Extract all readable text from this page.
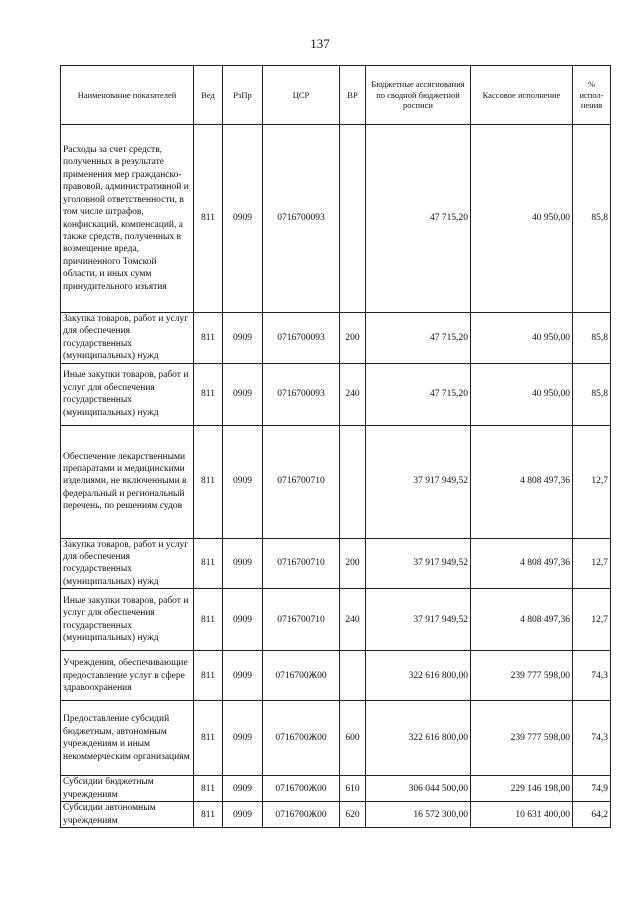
137
Наименование показателей	Вед	РзПр	ЦСР	ВР	Бюджетные ассигнования по сводной бюджетной росписи	Кассовое исполнение	% испол-нения
Расходы за счет средств, полученных в результате применения мер гражданско-правовой, административной и уголовной ответственности, в том числе штрафов, конфискаций, компенсаций, а также средств, полученных в возмещение вреда, причиненного Томской области, и иных сумм принудительного изъятия	811	0909	0716700093		47 715,20	40 950,00	85,8
Закупка товаров, работ и услуг для обеспечения государственных (муниципальных) нужд	811	0909	0716700093	200	47 715,20	40 950,00	85,8
Иные закупки товаров, работ и услуг для обеспечения государственных (муниципальных) нужд	811	0909	0716700093	240	47 715,20	40 950,00	85,8
Обеспечение лекарственными препаратами и медицинскими изделиями, не включенными в федеральный и региональный перечень, по решениям судов	811	0909	0716700710		37 917 949,52	4 808 497,36	12,7
Закупка товаров, работ и услуг для обеспечения государственных (муниципальных) нужд	811	0909	0716700710	200	37 917 949,52	4 808 497,36	12,7
Иные закупки товаров, работ и услуг для обеспечения государственных (муниципальных) нужд	811	0909	0716700710	240	37 917 949,52	4 808 497,36	12,7
Учреждения, обеспечивающие предоставление услуг в сфере здравоохранения	811	0909	0716700Ж00		322 616 800,00	239 777 598,00	74,3
Предоставление субсидий бюджетным, автономным учреждениям и иным некоммерческим организациям	811	0909	0716700Ж00	600	322 616 800,00	239 777 598,00	74,3
Субсидии бюджетным учреждениям	811	0909	0716700Ж00	610	306 044 500,00	229 146 198,00	74,9
Субсидии автономным учреждениям	811	0909	0716700Ж00	620	16 572 300,00	10 631 400,00	64,2
